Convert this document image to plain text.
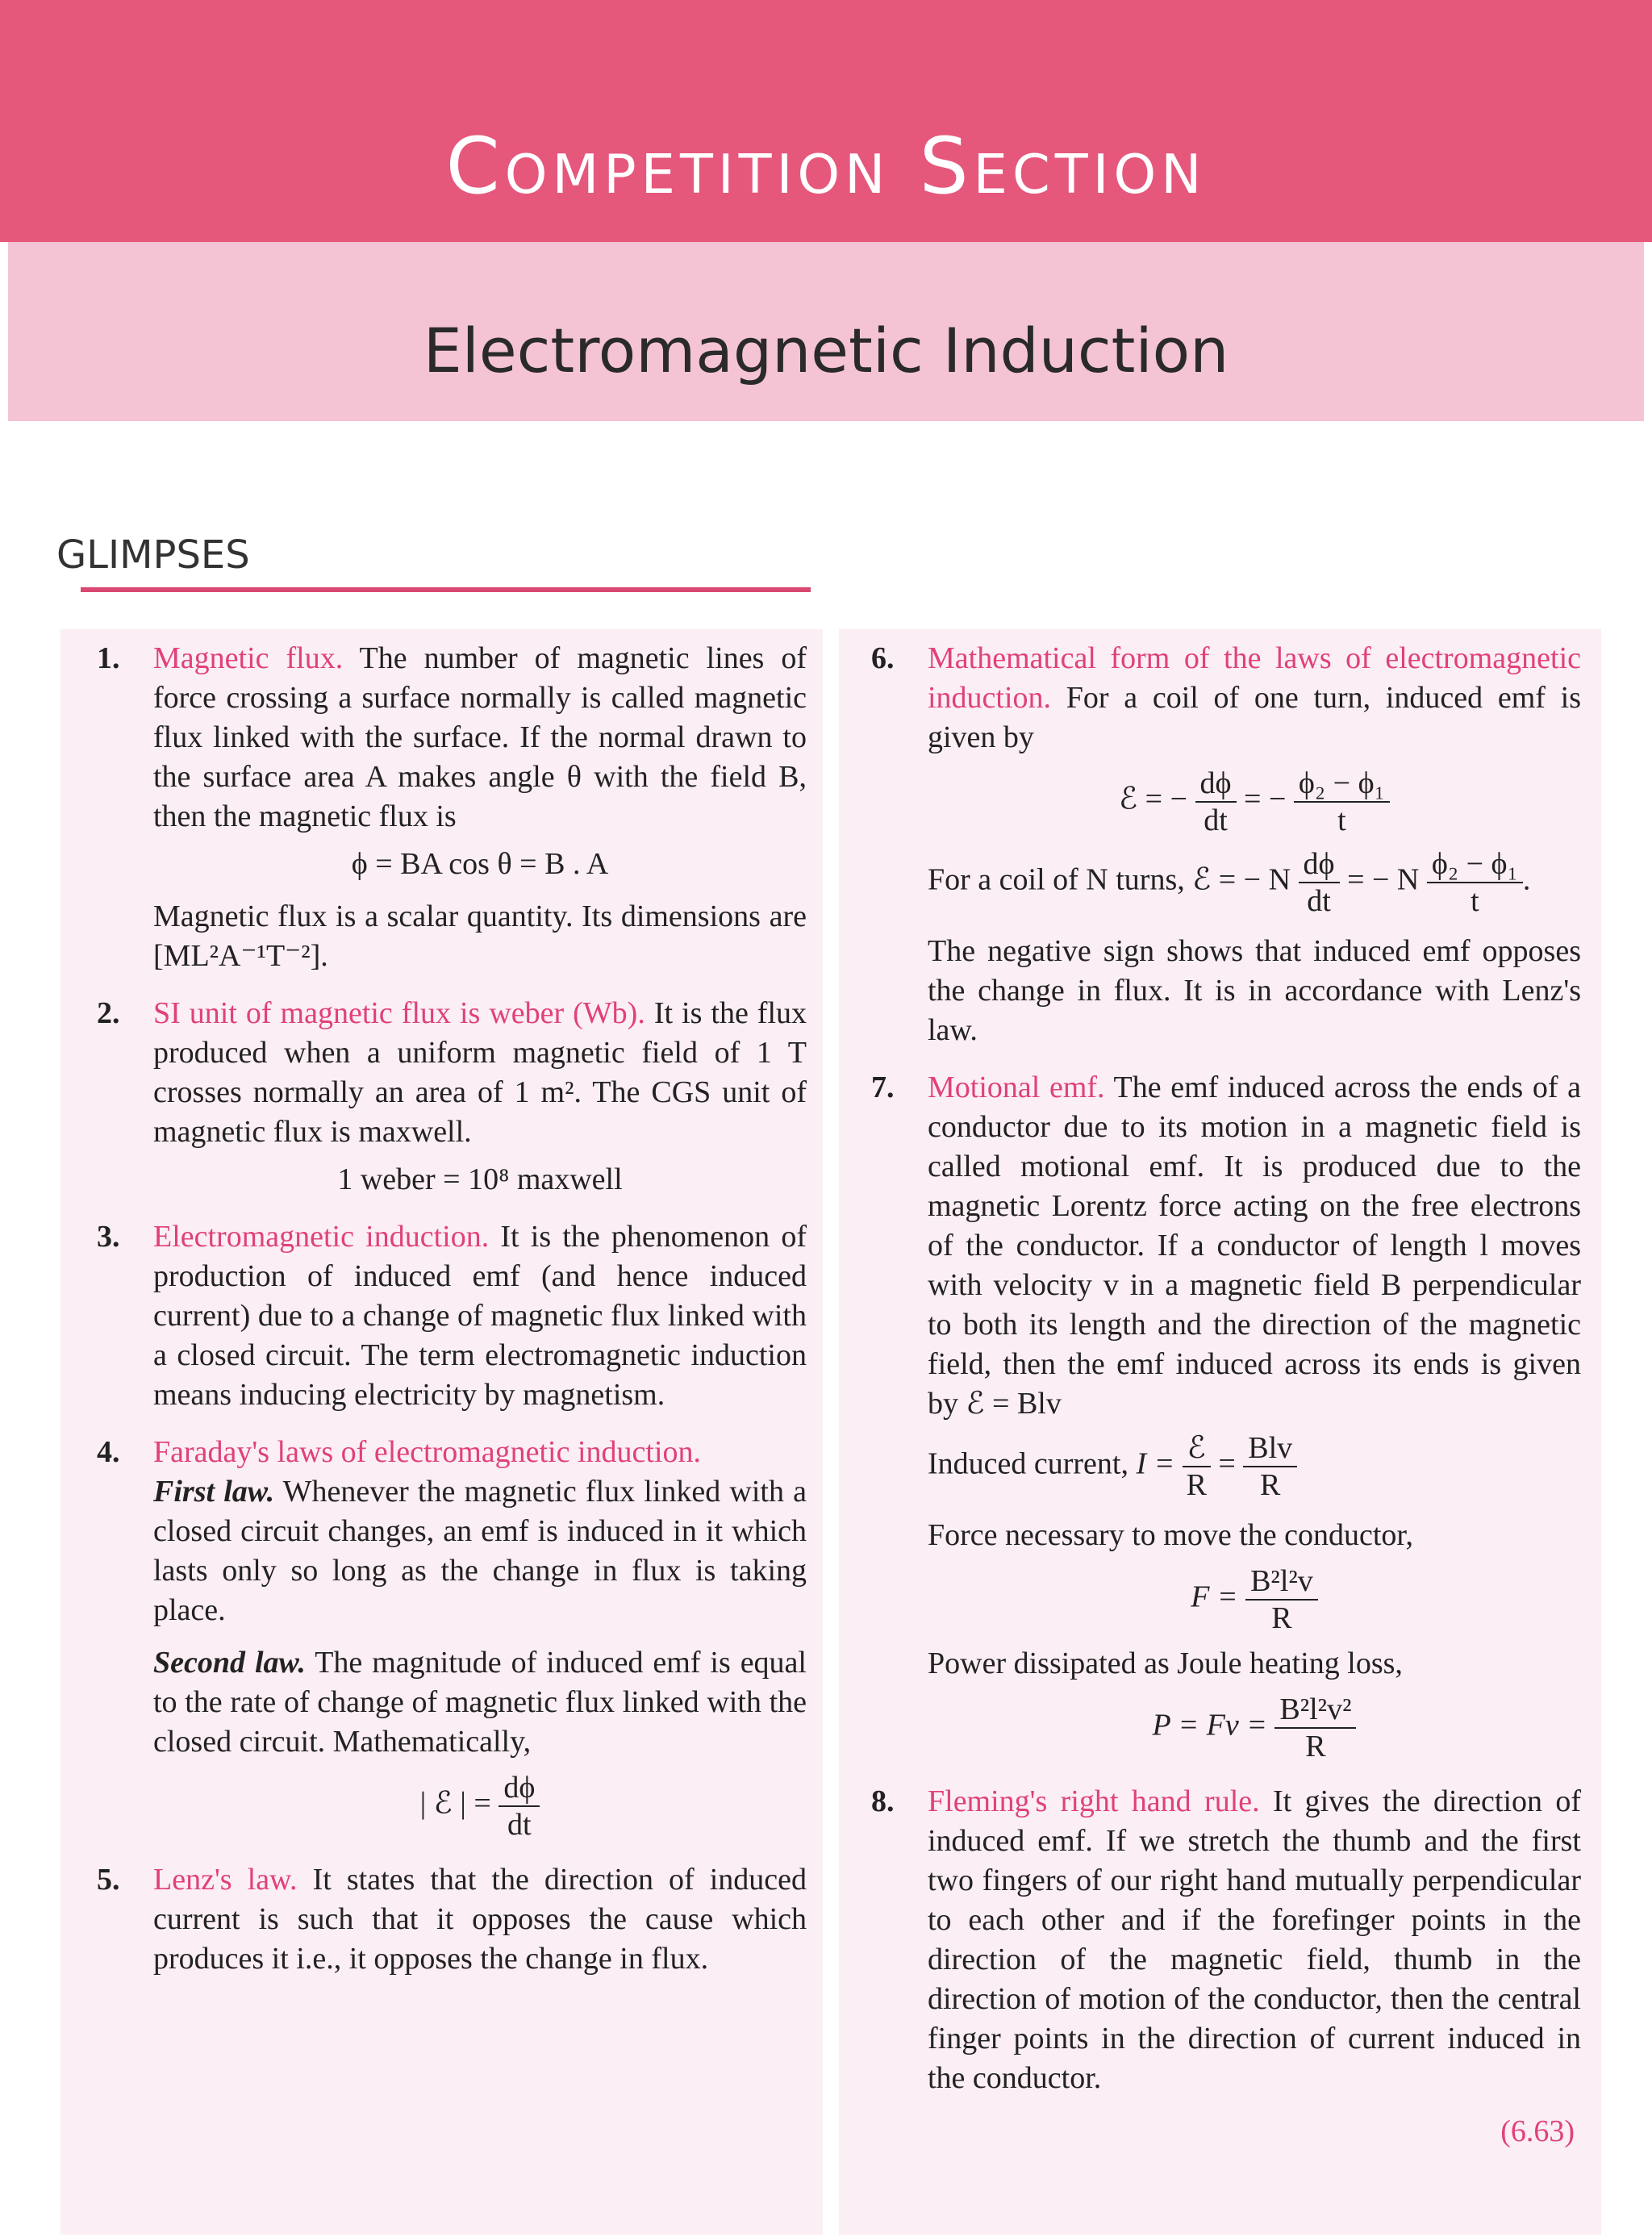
Competition Section
Electromagnetic Induction
GLIMPSES
1. Magnetic flux. The number of magnetic lines of force crossing a surface normally is called magnetic flux linked with the surface. If the normal drawn to the surface area A makes angle θ with the field B, then the magnetic flux is
ϕ = BA cos θ = B . A
Magnetic flux is a scalar quantity. Its dimensions are [ML²A⁻¹T⁻²].
2. SI unit of magnetic flux is weber (Wb). It is the flux produced when a uniform magnetic field of 1 T crosses normally an area of 1 m². The CGS unit of magnetic flux is maxwell.
1 weber = 10⁸ maxwell
3. Electromagnetic induction. It is the phenomenon of production of induced emf (and hence induced current) due to a change of magnetic flux linked with a closed circuit. The term electromagnetic induction means inducing electricity by magnetism.
4. Faraday's laws of electromagnetic induction.
First law. Whenever the magnetic flux linked with a closed circuit changes, an emf is induced in it which lasts only so long as the change in flux is taking place.
Second law. The magnitude of induced emf is equal to the rate of change of magnetic flux linked with the closed circuit. Mathematically,
| ℰ | = $\frac{d\phi}{dt}$
5. Lenz's law. It states that the direction of induced current is such that it opposes the cause which produces it i.e., it opposes the change in flux.
6. Mathematical form of the laws of electromagnetic induction. For a coil of one turn, induced emf is given by
ℰ = − $\frac{d\phi}{dt}$ = − $\frac{\text{ϕ₂ − ϕ₁}}{t}$
For a coil of N turns, ℰ = − N $\frac{d\phi}{dt}$ = − N $\frac{\text{ϕ₂ − ϕ₁}}{t}$ .
The negative sign shows that induced emf opposes the change in flux. It is in accordance with Lenz's law.
7. Motional emf. The emf induced across the ends of a conductor due to its motion in a magnetic field is called motional emf. It is produced due to the magnetic Lorentz force acting on the free electrons of the conductor. If a conductor of length l moves with velocity v in a magnetic field B perpendicular to both its length and the direction of the magnetic field, then the emf induced across its ends is given by ℰ = Blv
Induced current, $I = \frac{\text{ℰ}}{R} = \frac{\text{Blv}}{R}$
Force necessary to move the conductor,
$F = \frac{\text{B²l²v}}{R}$
Power dissipated as Joule heating loss,
$P = Fv = \frac{\text{B²l²v²}}{R}$
8. Fleming's right hand rule. It gives the direction of induced emf. If we stretch the thumb and the first two fingers of our right hand mutually perpendicular to each other and if the forefinger points in the direction of the magnetic field, thumb in the direction of motion of the conductor, then the central finger points in the direction of current induced in the conductor.
(6.63)
